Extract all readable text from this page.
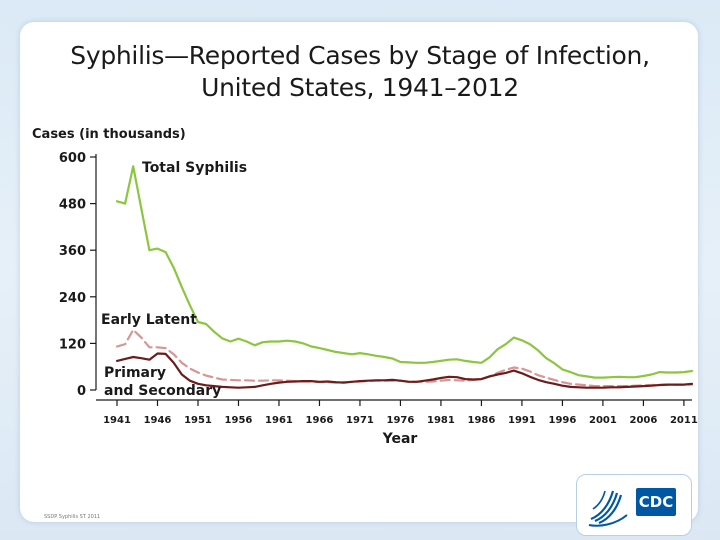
Syphilis—Reported Cases by Stage of Infection,
United States, 1941–2012
0
120
240
360
480
600
1941 1946 1951 1956 1961 1966 1971 1976 1981 1986 1991 1996 2001 2006 2011
Cases (in thousands)
Year
Total Syphilis
Early Latent
Primary
and Secondary
SSDP Syphilis ST 2011
CDC
